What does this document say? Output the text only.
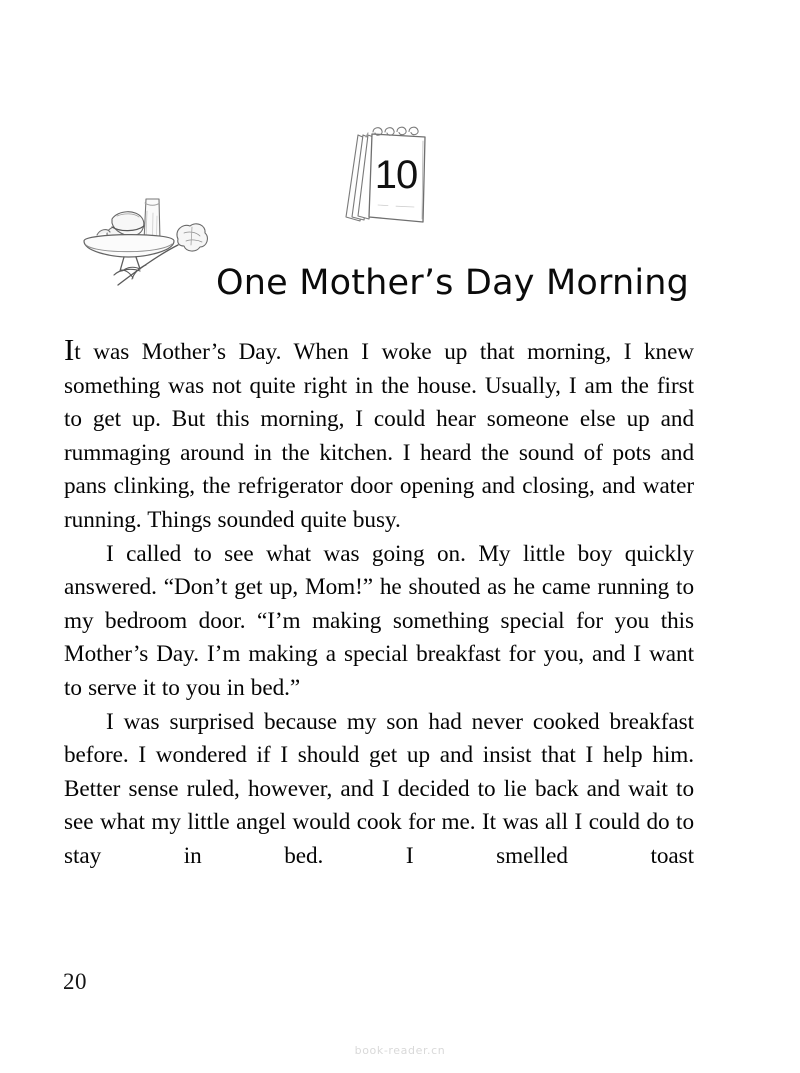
10
One Mother’s Day Morning

It was Mother’s Day. When I woke up that morning, I knew something was not quite right in the house. Usually, I am the first to get up. But this morning, I could hear someone else up and rummaging around in the kitchen. I heard the sound of pots and pans clinking, the refrigerator door opening and closing, and water running. Things sounded quite busy.

I called to see what was going on. My little boy quickly answered. “Don’t get up, Mom!” he shouted as he came running to my bedroom door. “I’m making something special for you this Mother’s Day. I’m making a special breakfast for you, and I want to serve it to you in bed.”

I was surprised because my son had never cooked breakfast before. I wondered if I should get up and insist that I help him. Better sense ruled, however, and I decided to lie back and wait to see what my little angel would cook for me. It was all I could do to stay in bed. I smelled toast

20
book-reader.cn
